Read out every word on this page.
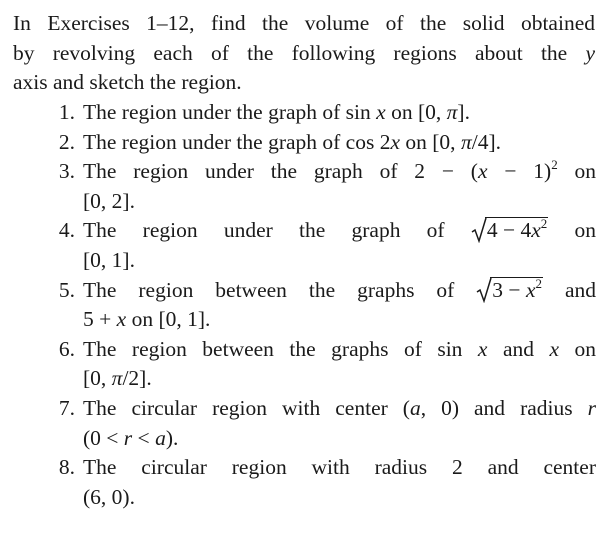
In Exercises 1–12, find the volume of the solid obtained
by revolving each of the following regions about the y
axis and sketch the region.
1. The region under the graph of sin x on [0, π].
2. The region under the graph of cos 2x on [0, π/4].
3. The region under the graph of $2 - (x - 1)^2$ on
[0, 2].
4. The region under the graph of
$4 - 4x^2$ on
[0, 1].
5. The region between the graphs of
$3 - x^2$ and
5 + x on [0, 1].
6. The region between the graphs of sin x and x on
[0, π/2].
7. The circular region with center (a, 0) and radius r
(0 < r < a).
8. The circular region with radius 2 and center
(6, 0).
